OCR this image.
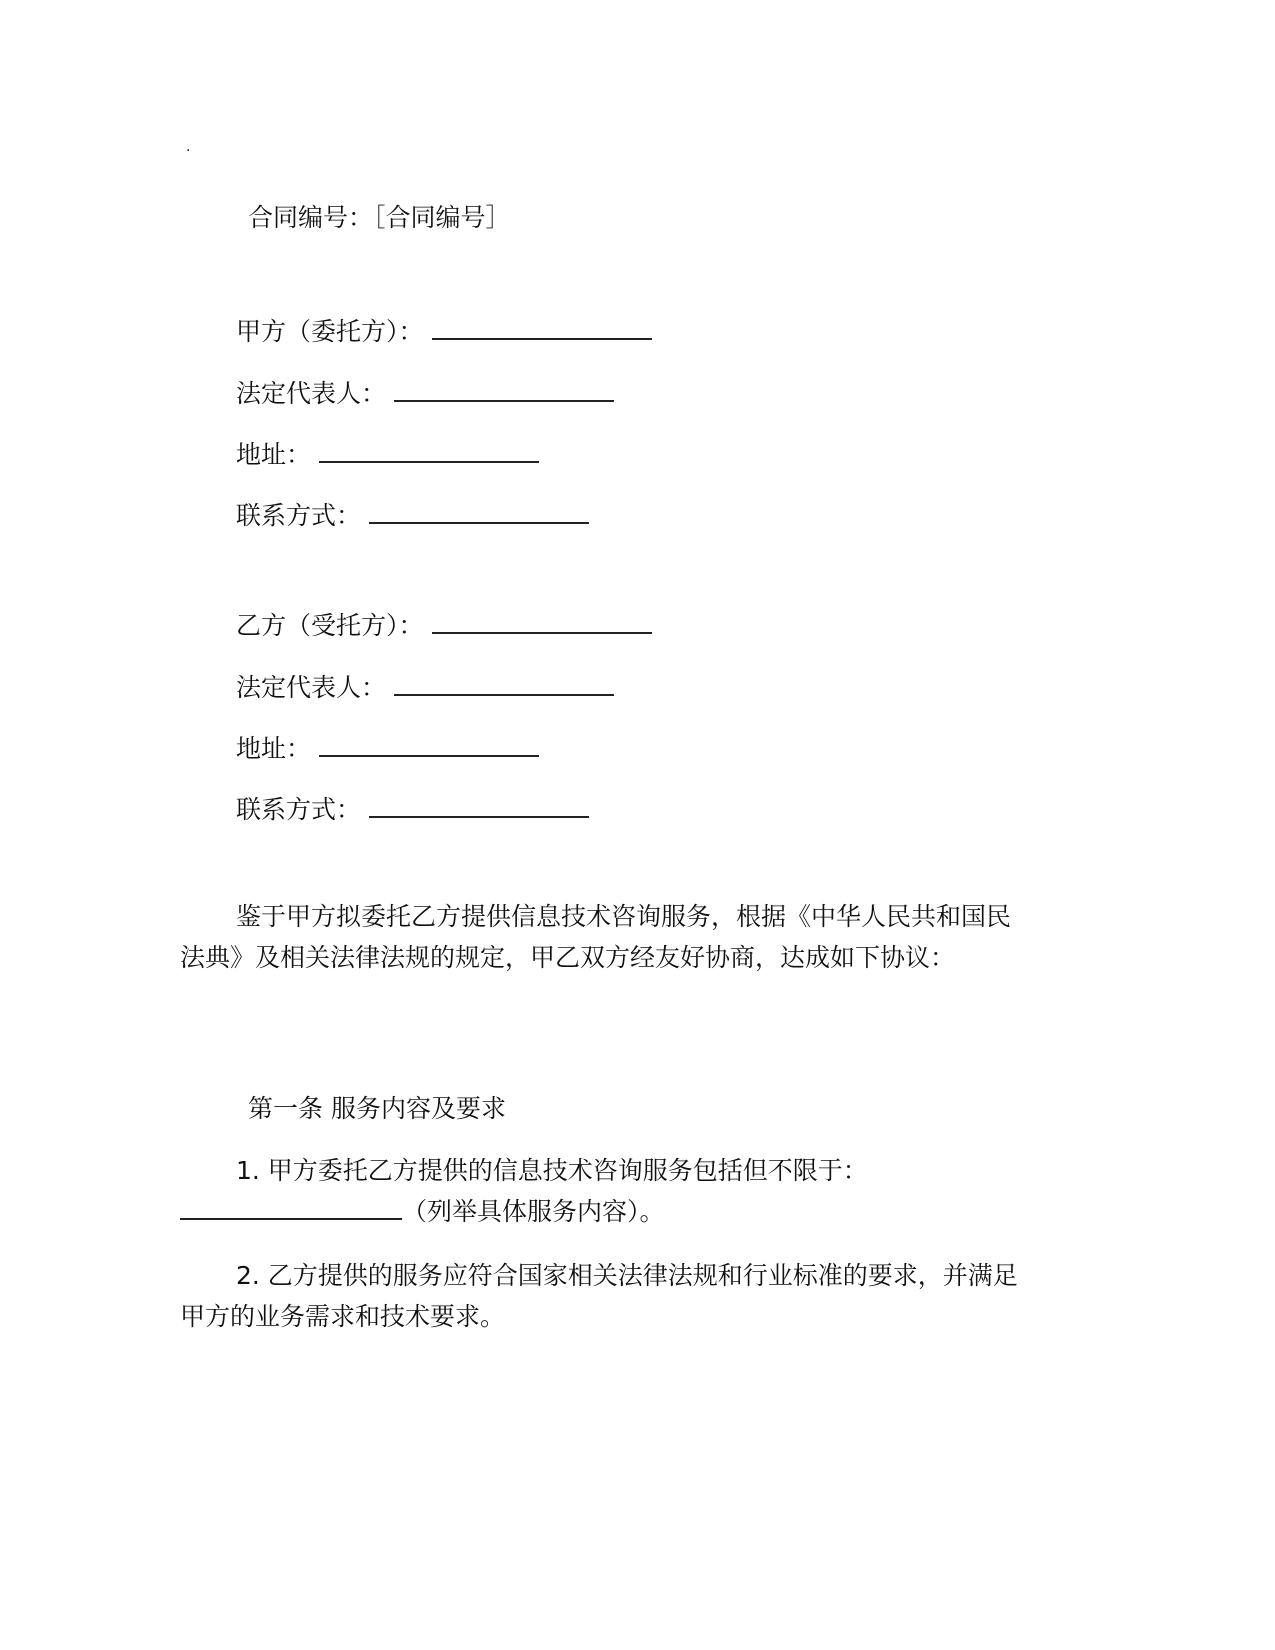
.
合同编号：［合同编号］
甲方（委托方）：
法定代表人：
地址：
联系方式：
乙方（受托方）：
法定代表人：
地址：
联系方式：
鉴于甲方拟委托乙方提供信息技术咨询服务，根据《中华人民共和国民法典》及相关法律法规的规定，甲乙双方经友好协商，达成如下协议：
第一条 服务内容及要求
1. 甲方委托乙方提供的信息技术咨询服务包括但不限于：（列举具体服务内容）。
2. 乙方提供的服务应符合国家相关法律法规和行业标准的要求，并满足甲方的业务需求和技术要求。
